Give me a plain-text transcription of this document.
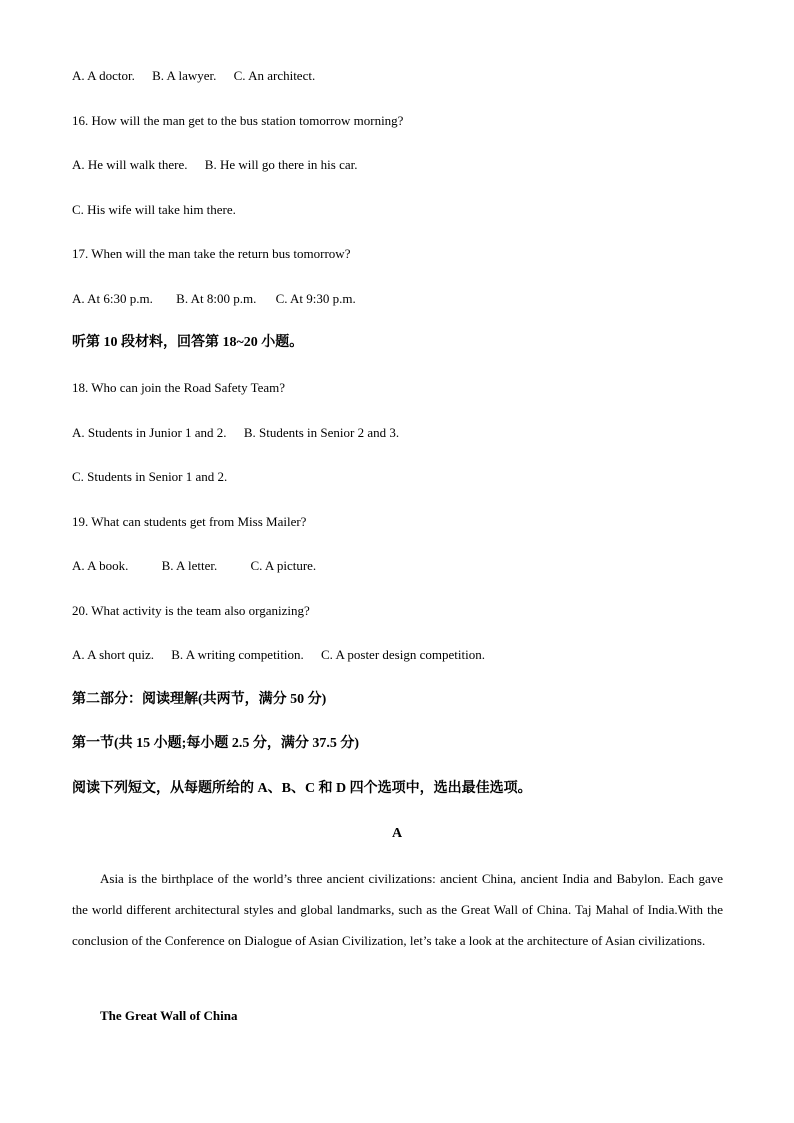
A. A doctor. B. A lawyer. C. An architect.
16. How will the man get to the bus station tomorrow morning?
A. He will walk there. B. He will go there in his car.
C. His wife will take him there.
17. When will the man take the return bus tomorrow?
A. At 6:30 p.m. B. At 8:00 p.m. C. At 9:30 p.m.
听第 10 段材料，回答第 18~20 小题。
18. Who can join the Road Safety Team?
A. Students in Junior 1 and 2. B. Students in Senior 2 and 3.
C. Students in Senior 1 and 2.
19. What can students get from Miss Mailer?
A. A book.	B. A letter.	C. A picture.
20. What activity is the team also organizing?
A. A short quiz. B. A writing competition. C. A poster design competition.
第二部分：阅读理解(共两节，满分 50 分)
第一节(共 15 小题;每小题 2.5 分，满分 37.5 分)
阅读下列短文，从每题所给的 A、B、C 和 D 四个选项中，选出最佳选项。
A

Asia is the birthplace of the world’s three ancient civilizations: ancient China, ancient India and Babylon. Each gave the world different architectural styles and global landmarks, such as the Great Wall of China. Taj Mahal of India.With the conclusion of the Conference on Dialogue of Asian Civilization, let’s take a look at the architecture of Asian civilizations.

The Great Wall of China
